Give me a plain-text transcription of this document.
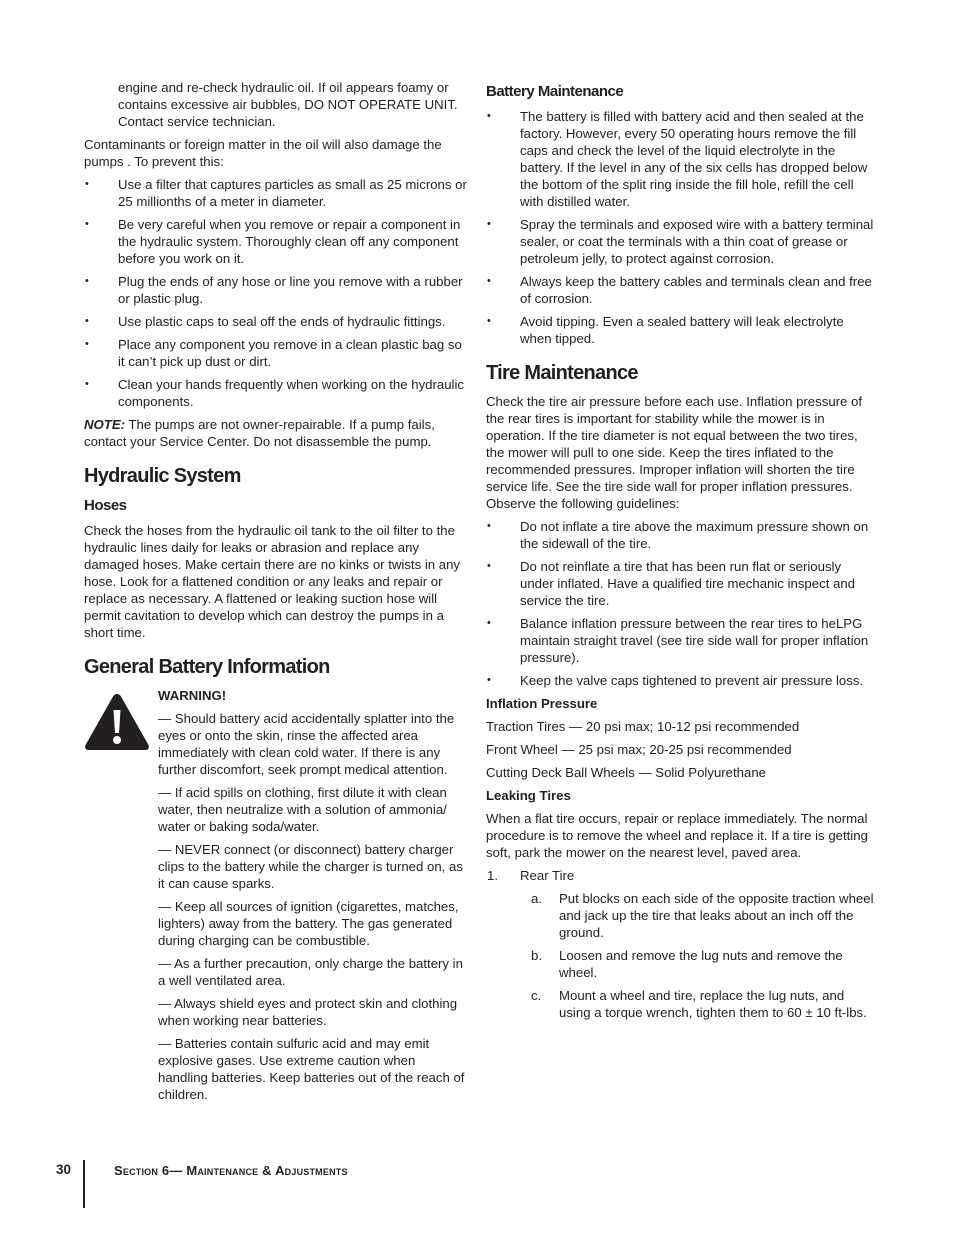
engine and re-check hydraulic oil. If oil appears foamy or contains excessive air bubbles, DO NOT OPERATE UNIT. Contact service technician.

Contaminants or foreign matter in the oil will also damage the pumps . To prevent this:

• Use a filter that captures particles as small as 25 microns or 25 millionths of a meter in diameter.
• Be very careful when you remove or repair a component in the hydraulic system. Thoroughly clean off any component before you work on it.
• Plug the ends of any hose or line you remove with a rubber or plastic plug.
• Use plastic caps to seal off the ends of hydraulic fittings.
• Place any component you remove in a clean plastic bag so it can’t pick up dust or dirt.
• Clean your hands frequently when working on the hydraulic components.

NOTE: The pumps are not owner-repairable. If a pump fails, contact your Service Center. Do not disassemble the pump.

Hydraulic System
Hoses

Check the hoses from the hydraulic oil tank to the oil filter to the hydraulic lines daily for leaks or abrasion and replace any damaged hoses. Make certain there are no kinks or twists in any hose. Look for a flattened condition or any leaks and repair or replace as necessary. A flattened or leaking suction hose will permit cavitation to develop which can destroy the pumps in a short time.

General Battery Information
WARNING!

— Should battery acid accidentally splatter into the eyes or onto the skin, rinse the affected area immediately with clean cold water. If there is any further discomfort, seek prompt medical attention.

— If acid spills on clothing, first dilute it with clean water, then neutralize with a solution of ammonia/ water or baking soda/water.

— NEVER connect (or disconnect) battery charger clips to the battery while the charger is turned on, as it can cause sparks.

— Keep all sources of ignition (cigarettes, matches, lighters) away from the battery. The gas generated during charging can be combustible.

— As a further precaution, only charge the battery in a well ventilated area.

— Always shield eyes and protect skin and clothing when working near batteries.

— Batteries contain sulfuric acid and may emit explosive gases. Use extreme caution when handling batteries. Keep batteries out of the reach of children.

Battery Maintenance
• The battery is filled with battery acid and then sealed at the factory. However, every 50 operating hours remove the fill caps and check the level of the liquid electrolyte in the battery. If the level in any of the six cells has dropped below the bottom of the split ring inside the fill hole, refill the cell with distilled water.
• Spray the terminals and exposed wire with a battery terminal sealer, or coat the terminals with a thin coat of grease or petroleum jelly, to protect against corrosion.
• Always keep the battery cables and terminals clean and free of corrosion.
• Avoid tipping. Even a sealed battery will leak electrolyte when tipped.
Tire Maintenance

Check the tire air pressure before each use. Inflation pressure of the rear tires is important for stability while the mower is in operation. If the tire diameter is not equal between the two tires, the mower will pull to one side. Keep the tires inflated to the recommended pressures. Improper inflation will shorten the tire service life. See the tire side wall for proper inflation pressures. Observe the following guidelines:

• Do not inflate a tire above the maximum pressure shown on the sidewall of the tire.
• Do not reinflate a tire that has been run flat or seriously under inflated. Have a qualified tire mechanic inspect and service the tire.
• Balance inflation pressure between the rear tires to heLPG maintain straight travel (see tire side wall for proper inflation pressure).
• Keep the valve caps tightened to prevent air pressure loss.
Inflation Pressure

Traction Tires — 20 psi max; 10-12 psi recommended

Front Wheel — 25 psi max; 20-25 psi recommended

Cutting Deck Ball Wheels — Solid Polyurethane

Leaking Tires

When a flat tire occurs, repair or replace immediately. The normal procedure is to remove the wheel and replace it. If a tire is getting soft, park the mower on the nearest level, paved area.

1. Rear Tire
a. Put blocks on each side of the opposite traction wheel and jack up the tire that leaks about an inch off the ground.
b. Loosen and remove the lug nuts and remove the wheel.
c. Mount a wheel and tire, replace the lug nuts, and using a torque wrench, tighten them to 60 ± 10 ft-lbs.
30	Section 6— Maintenance & Adjustments
